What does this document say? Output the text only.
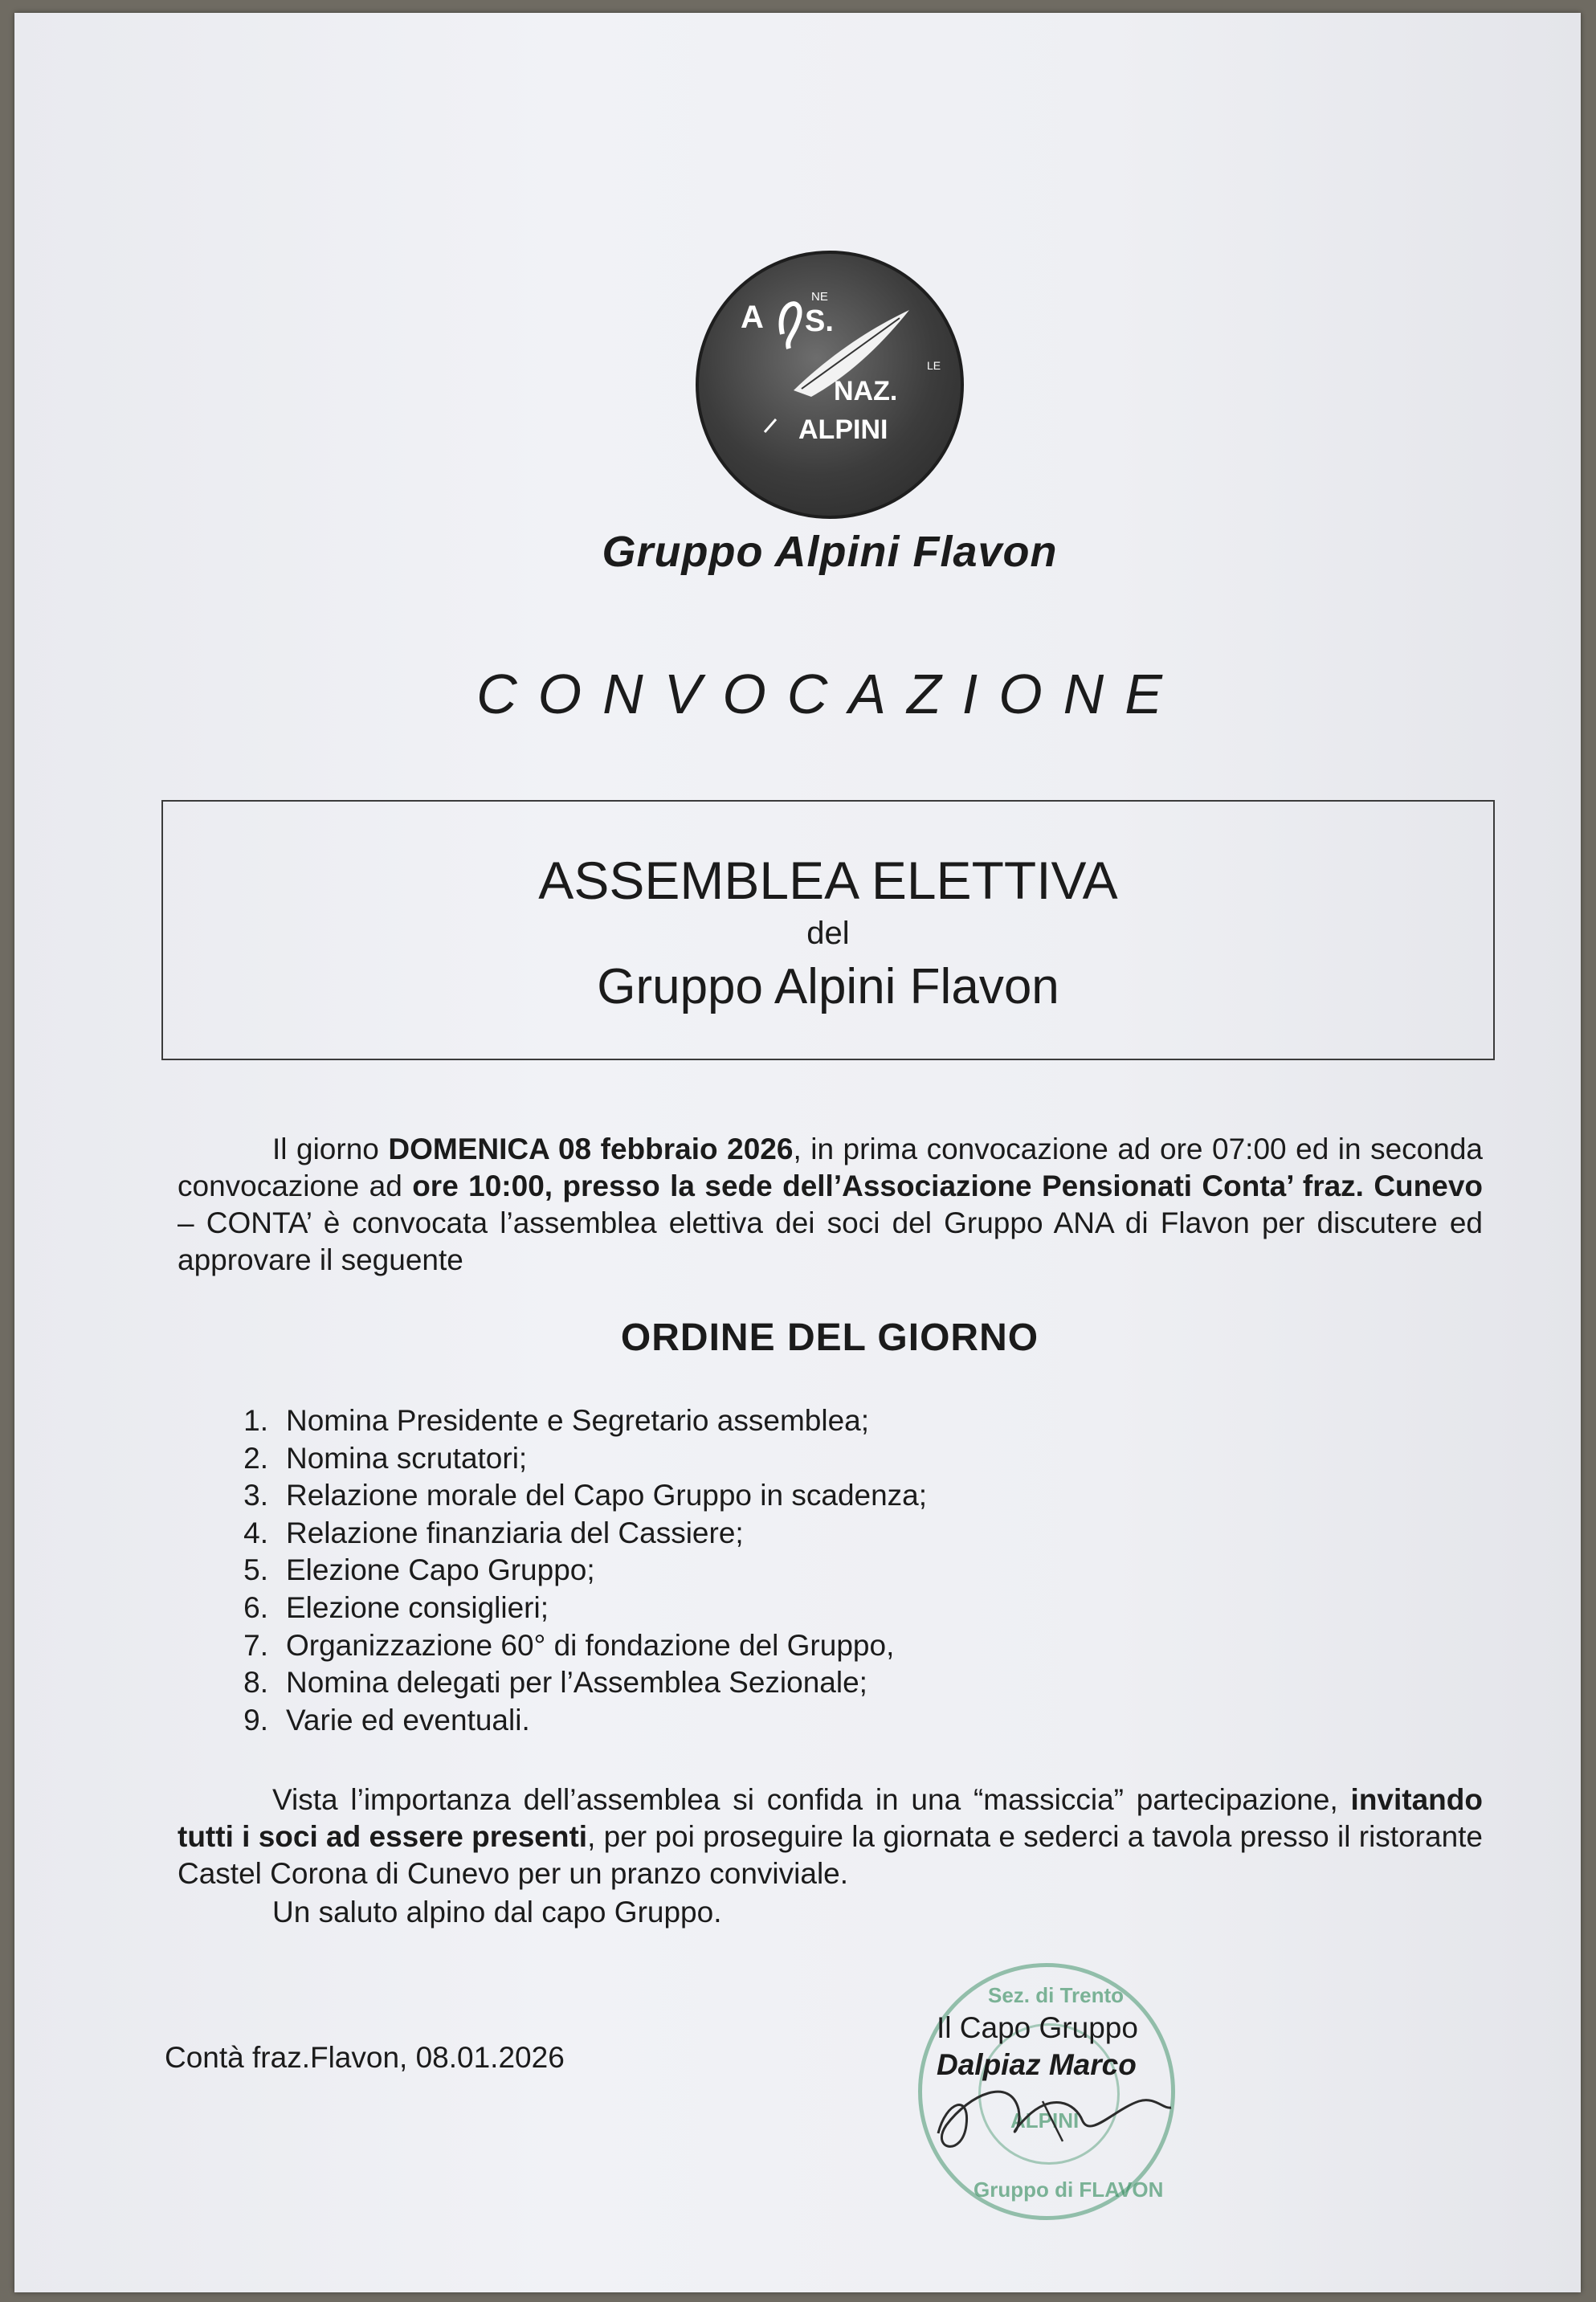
A S.
NE
NAZ.
LE
ALPINI
Gruppo Alpini Flavon
CONVOCAZIONE
ASSEMBLEA ELETTIVA
del
Gruppo Alpini Flavon
Il giorno DOMENICA 08 febbraio 2026, in prima convocazione ad ore 07:00 ed in seconda convocazione ad ore 10:00, presso la sede dell’Associazione Pensionati Conta’ fraz. Cunevo – CONTA’ è convocata l’assemblea elettiva dei soci del Gruppo ANA di Flavon per discutere ed approvare il seguente
ORDINE DEL GIORNO
1. Nomina Presidente e Segretario assemblea;
2. Nomina scrutatori;
3. Relazione morale del Capo Gruppo in scadenza;
4. Relazione finanziaria del Cassiere;
5. Elezione Capo Gruppo;
6. Elezione consiglieri;
7. Organizzazione 60° di fondazione del Gruppo,
8. Nomina delegati per l’Assemblea Sezionale;
9. Varie ed eventuali.
Vista l’importanza dell’assemblea si confida in una “massiccia” partecipazione, invitando tutti i soci ad essere presenti, per poi proseguire la giornata e sederci a tavola presso il ristorante Castel Corona di Cunevo per un pranzo conviviale.
Un saluto alpino dal capo Gruppo.
Contà fraz.Flavon, 08.01.2026
Sez. di Trento
ALPINI
Gruppo di FLAVON
Il Capo Gruppo
Dalpiaz Marco
